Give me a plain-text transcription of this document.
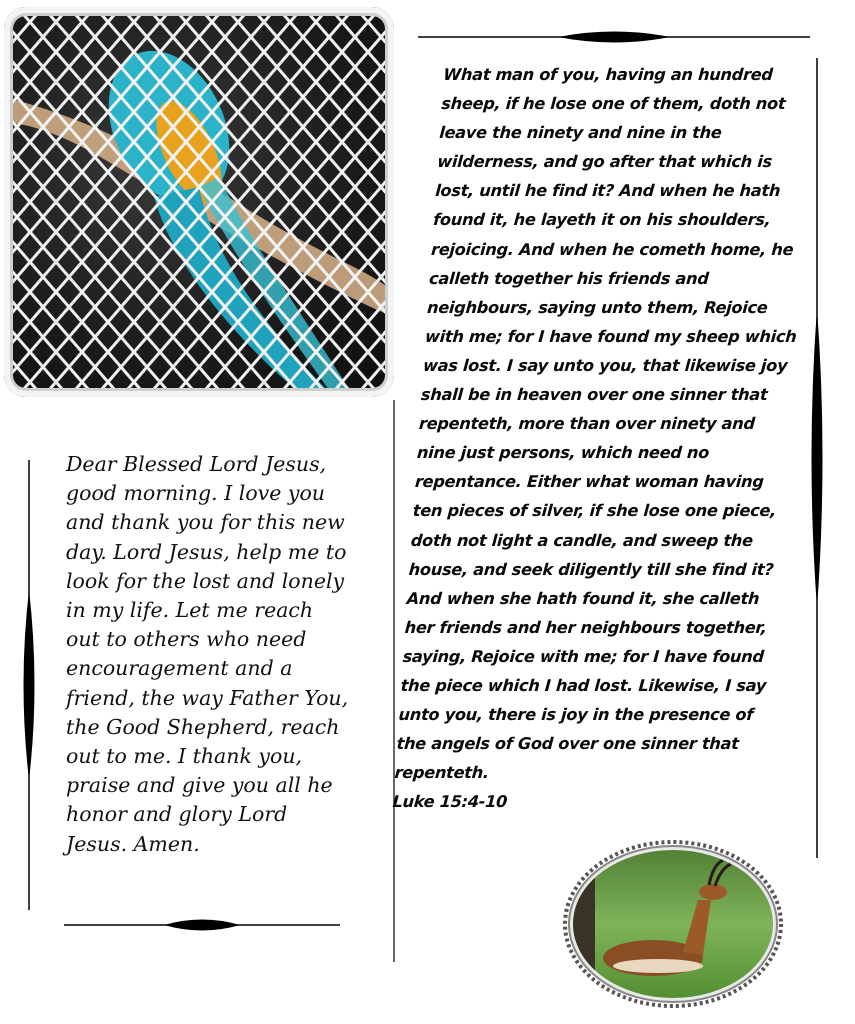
Dear Blessed Lord Jesus, good morning. I love you and thank you for this new day. Lord Jesus, help me to look for the lost and lonely in my life. Let me reach out to others who need encouragement and a friend, the way Father You, the Good Shepherd, reach out to me. I thank you, praise and give you all he honor and glory Lord Jesus. Amen.
What man of you, having an hundred sheep, if he lose one of them, doth not leave the ninety and nine in the wilderness, and go after that which is lost, until he find it? And when he hath found it, he layeth it on his shoulders, rejoicing. And when he cometh home, he calleth together his friends and neighbours, saying unto them, Rejoice with me; for I have found my sheep which was lost. I say unto you, that likewise joy shall be in heaven over one sinner that repenteth, more than over ninety and nine just persons, which need no repentance. Either what woman having ten pieces of silver, if she lose one piece, doth not light a candle, and sweep the house, and seek diligently till she find it? And when she hath found it, she calleth her friends and her neighbours together, saying, Rejoice with me; for I have found the piece which I had lost. Likewise, I say unto you, there is joy in the presence of the angels of God over one sinner that repenteth.
Luke 15:4-10
